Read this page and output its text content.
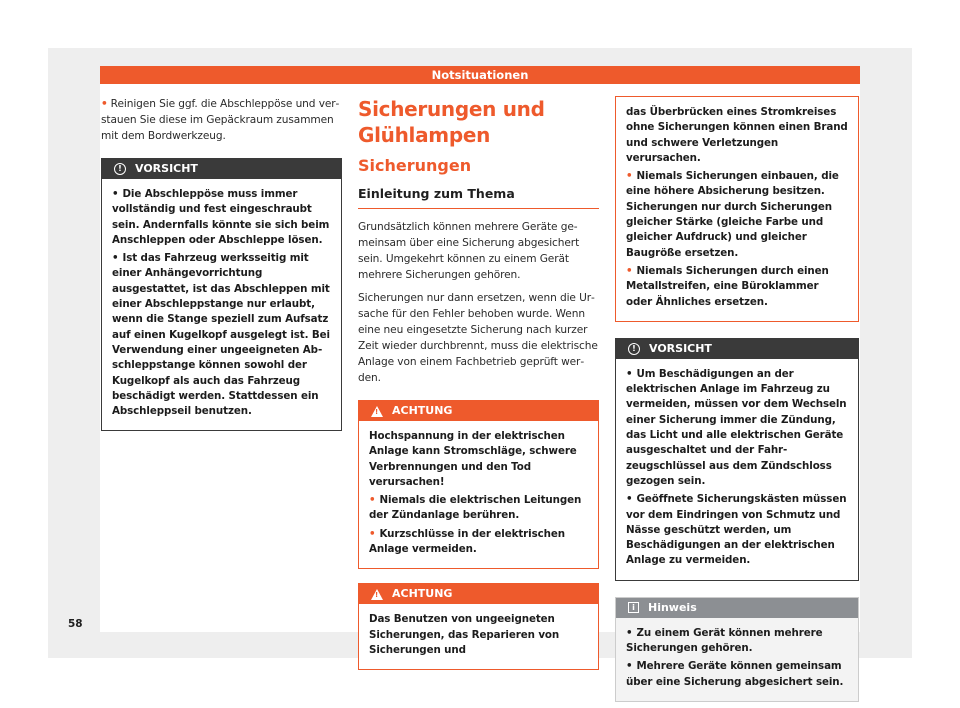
Notsituationen

• Reinigen Sie ggf. die Abschleppöse und verstauen Sie diese im Gepäckraum zusammen mit dem Bordwerkzeug.

!	VORSICHT

• Die Abschleppöse muss immer vollständig und fest eingeschraubt sein. Andernfalls könnte sie sich beim Anschleppen oder Abschleppe lösen.

• Ist das Fahrzeug werksseitig mit einer Anhängevorrichtung ausgestattet, ist das Abschleppen mit einer Abschleppstange nur erlaubt, wenn die Stange speziell zum Aufsatz auf einen Kugelkopf ausgelegt ist. Bei Verwendung einer ungeeigneten Abschleppstange können sowohl der Kugelkopf als auch das Fahrzeug beschädigt werden. Stattdessen ein Abschleppseil benutzen.

Sicherungen und Glühlampen
Sicherungen
Einleitung zum Thema

Grundsätzlich können mehrere Geräte gemeinsam über eine Sicherung abgesichert sein. Umgekehrt können zu einem Gerät mehrere Sicherungen gehören.

Sicherungen nur dann ersetzen, wenn die Ursache für den Fehler behoben wurde. Wenn eine neu eingesetzte Sicherung nach kurzer Zeit wieder durchbrennt, muss die elektrische Anlage von einem Fachbetrieb geprüft werden.

! ACHTUNG

Hochspannung in der elektrischen Anlage kann Stromschläge, schwere Verbrennungen und den Tod verursachen!

• Niemals die elektrischen Leitungen der Zündanlage berühren.

• Kurzschlüsse in der elektrischen Anlage vermeiden.

! ACHTUNG

Das Benutzen von ungeeigneten Sicherungen, das Reparieren von Sicherungen und

das Überbrücken eines Stromkreises ohne Sicherungen können einen Brand und schwere Verletzungen verursachen.

• Niemals Sicherungen einbauen, die eine höhere Absicherung besitzen. Sicherungen nur durch Sicherungen gleicher Stärke (gleiche Farbe und gleicher Aufdruck) und gleicher Baugröße ersetzen.

• Niemals Sicherungen durch einen Metallstreifen, eine Büroklammer oder Ähnliches ersetzen.

!	VORSICHT

• Um Beschädigungen an der elektrischen Anlage im Fahrzeug zu vermeiden, müssen vor dem Wechseln einer Sicherung immer die Zündung, das Licht und alle elektrischen Geräte ausgeschaltet und der Fahrzeugschlüssel aus dem Zündschloss gezogen sein.

• Geöffnete Sicherungskästen müssen vor dem Eindringen von Schmutz und Nässe geschützt werden, um Beschädigungen an der elektrischen Anlage zu vermeiden.

i	Hinweis

• Zu einem Gerät können mehrere Sicherungen gehören.

• Mehrere Geräte können gemeinsam über eine Sicherung abgesichert sein.

58
